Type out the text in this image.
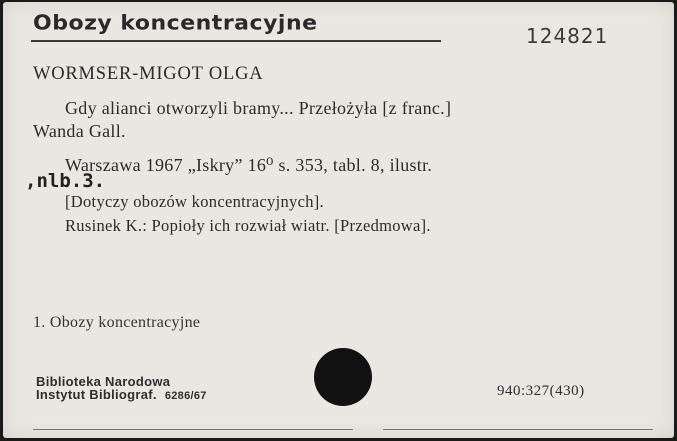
Obozy koncentracyjne
124821
WORMSER-MIGOT OLGA
Gdy alianci otworzyli bramy... Przełożyła [z franc.]
Wanda Gall.
Warszawa 1967 „Iskry” 16⁰ s. 353, tabl. 8, ilustr.
,nlb.3.
[Dotyczy obozów koncentracyjnych].
Rusinek K.: Popioły ich rozwiał wiatr. [Przedmowa].
1. Obozy koncentracyjne
Biblioteka Narodowa
Instytut Bibliograf. 6286/67	940:327(430)
